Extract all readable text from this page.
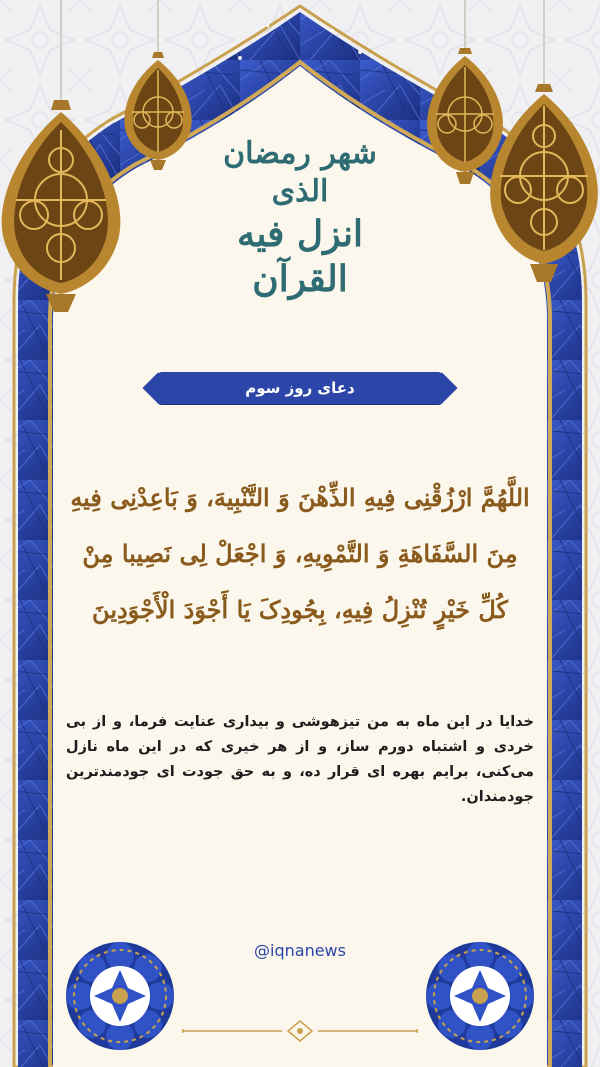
شهر رمضان الذی
انزل فیه القرآن
دعای روز سوم
اللَّهُمَّ ارْزُقْنِی فِیهِ الذِّهْنَ وَ التَّنْبِیهَ، وَ بَاعِدْنِی فِیهِ
مِنَ السَّفَاهَةِ وَ التَّمْوِیهِ، وَ اجْعَلْ لِی نَصِیبا مِنْ
کُلِّ خَیْرٍ تُنْزِلُ فِیهِ، بِجُودِکَ یَا أَجْوَدَ الْأَجْوَدِینَ
خدایا در این ماه به من تیزهوشی و بیداری عنایت فرما، و از بی خردی و اشتباه دورم ساز، و از هر خیری که در این ماه نازل می‌کنی، برایم بهره ای قرار ده، و به حق جودت ای جودمندترین جودمندان.
@iqnanews
